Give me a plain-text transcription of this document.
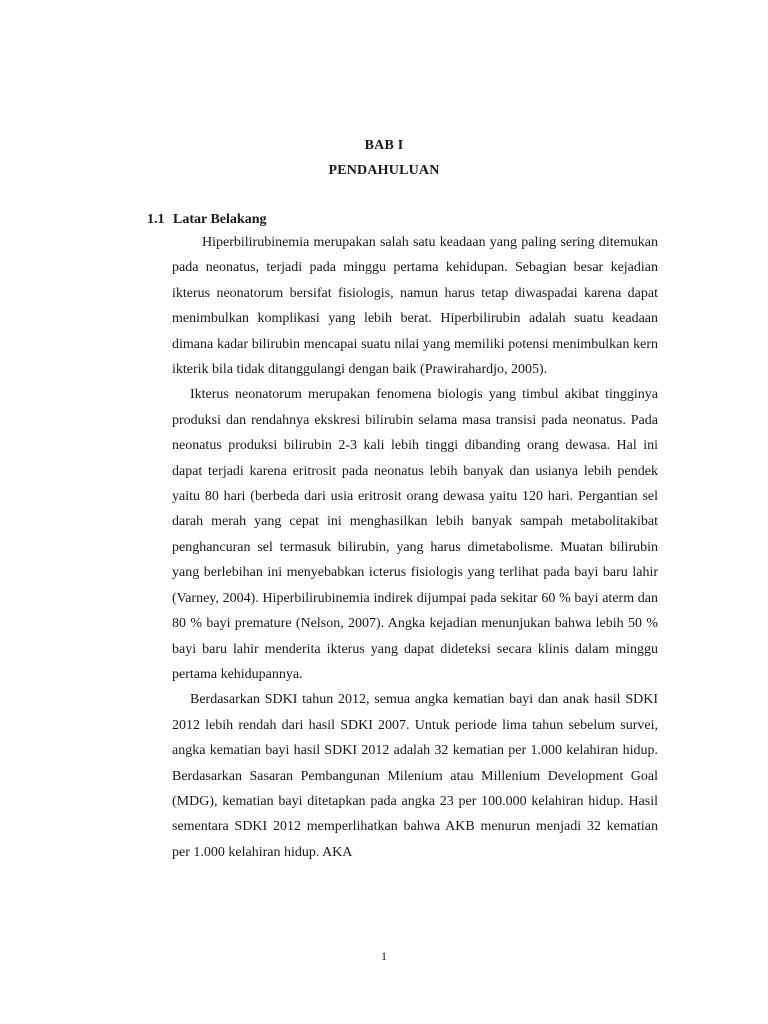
BAB I
PENDAHULUAN
1.1 Latar Belakang

Hiperbilirubinemia merupakan salah satu keadaan yang paling sering ditemukan pada neonatus, terjadi pada minggu pertama kehidupan. Sebagian besar kejadian ikterus neonatorum bersifat fisiologis, namun harus tetap diwaspadai karena dapat menimbulkan komplikasi yang lebih berat. Hiperbilirubin adalah suatu keadaan dimana kadar bilirubin mencapai suatu nilai yang memiliki potensi menimbulkan kern ikterik bila tidak ditanggulangi dengan baik (Prawirahardjo, 2005).

Ikterus neonatorum merupakan fenomena biologis yang timbul akibat tingginya produksi dan rendahnya ekskresi bilirubin selama masa transisi pada neonatus. Pada neonatus produksi bilirubin 2-3 kali lebih tinggi dibanding orang dewasa. Hal ini dapat terjadi karena eritrosit pada neonatus lebih banyak dan usianya lebih pendek yaitu 80 hari (berbeda dari usia eritrosit orang dewasa yaitu 120 hari. Pergantian sel darah merah yang cepat ini menghasilkan lebih banyak sampah metabolitakibat penghancuran sel termasuk bilirubin, yang harus dimetabolisme. Muatan bilirubin yang berlebihan ini menyebabkan icterus fisiologis yang terlihat pada bayi baru lahir (Varney, 2004). Hiperbilirubinemia indirek dijumpai pada sekitar 60 % bayi aterm dan 80 % bayi premature (Nelson, 2007). Angka kejadian menunjukan bahwa lebih 50 % bayi baru lahir menderita ikterus yang dapat dideteksi secara klinis dalam minggu pertama kehidupannya.

Berdasarkan SDKI tahun 2012, semua angka kematian bayi dan anak hasil SDKI 2012 lebih rendah dari hasil SDKI 2007. Untuk periode lima tahun sebelum survei, angka kematian bayi hasil SDKI 2012 adalah 32 kematian per 1.000 kelahiran hidup. Berdasarkan Sasaran Pembangunan Milenium atau Millenium Development Goal (MDG), kematian bayi ditetapkan pada angka 23 per 100.000 kelahiran hidup. Hasil sementara SDKI 2012 memperlihatkan bahwa AKB menurun menjadi 32 kematian per 1.000 kelahiran hidup. AKA

1
